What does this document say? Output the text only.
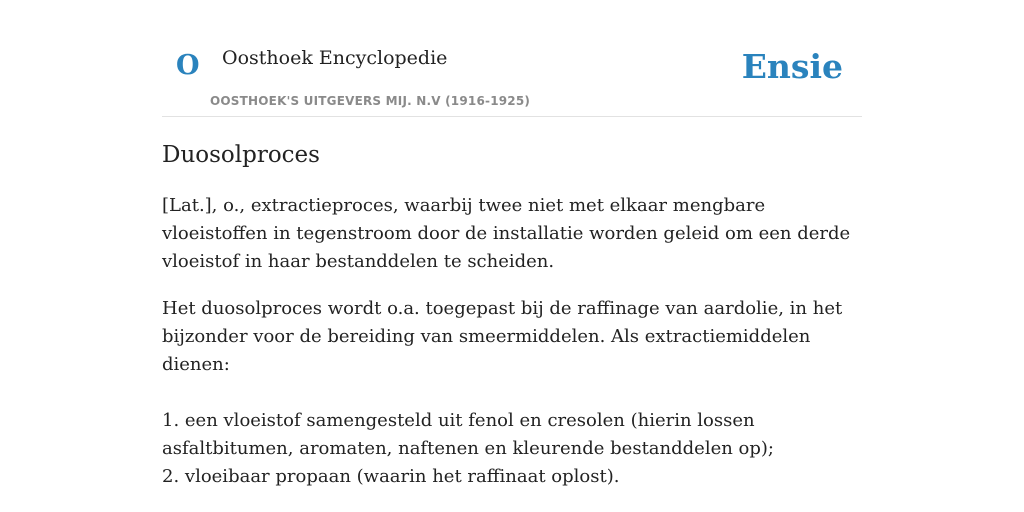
O Oosthoek Encyclopedie
OOSTHOEK'S UITGEVERS MIJ. N.V (1916-1925)
Ensie
Duosolproces

[Lat.], o., extractieproces, waarbij twee niet met elkaar mengbare vloeistoffen in tegenstroom door de installatie worden geleid om een derde vloeistof in haar bestanddelen te scheiden.

Het duosolproces wordt o.a. toegepast bij de raffinage van aardolie, in het bijzonder voor de bereiding van smeermiddelen. Als extractiemiddelen dienen:

1. een vloeistof samengesteld uit fenol en cresolen (hierin lossen asfaltbitumen, aromaten, naftenen en kleurende bestanddelen op);
2. vloeibaar propaan (waarin het raffinaat oplost).
